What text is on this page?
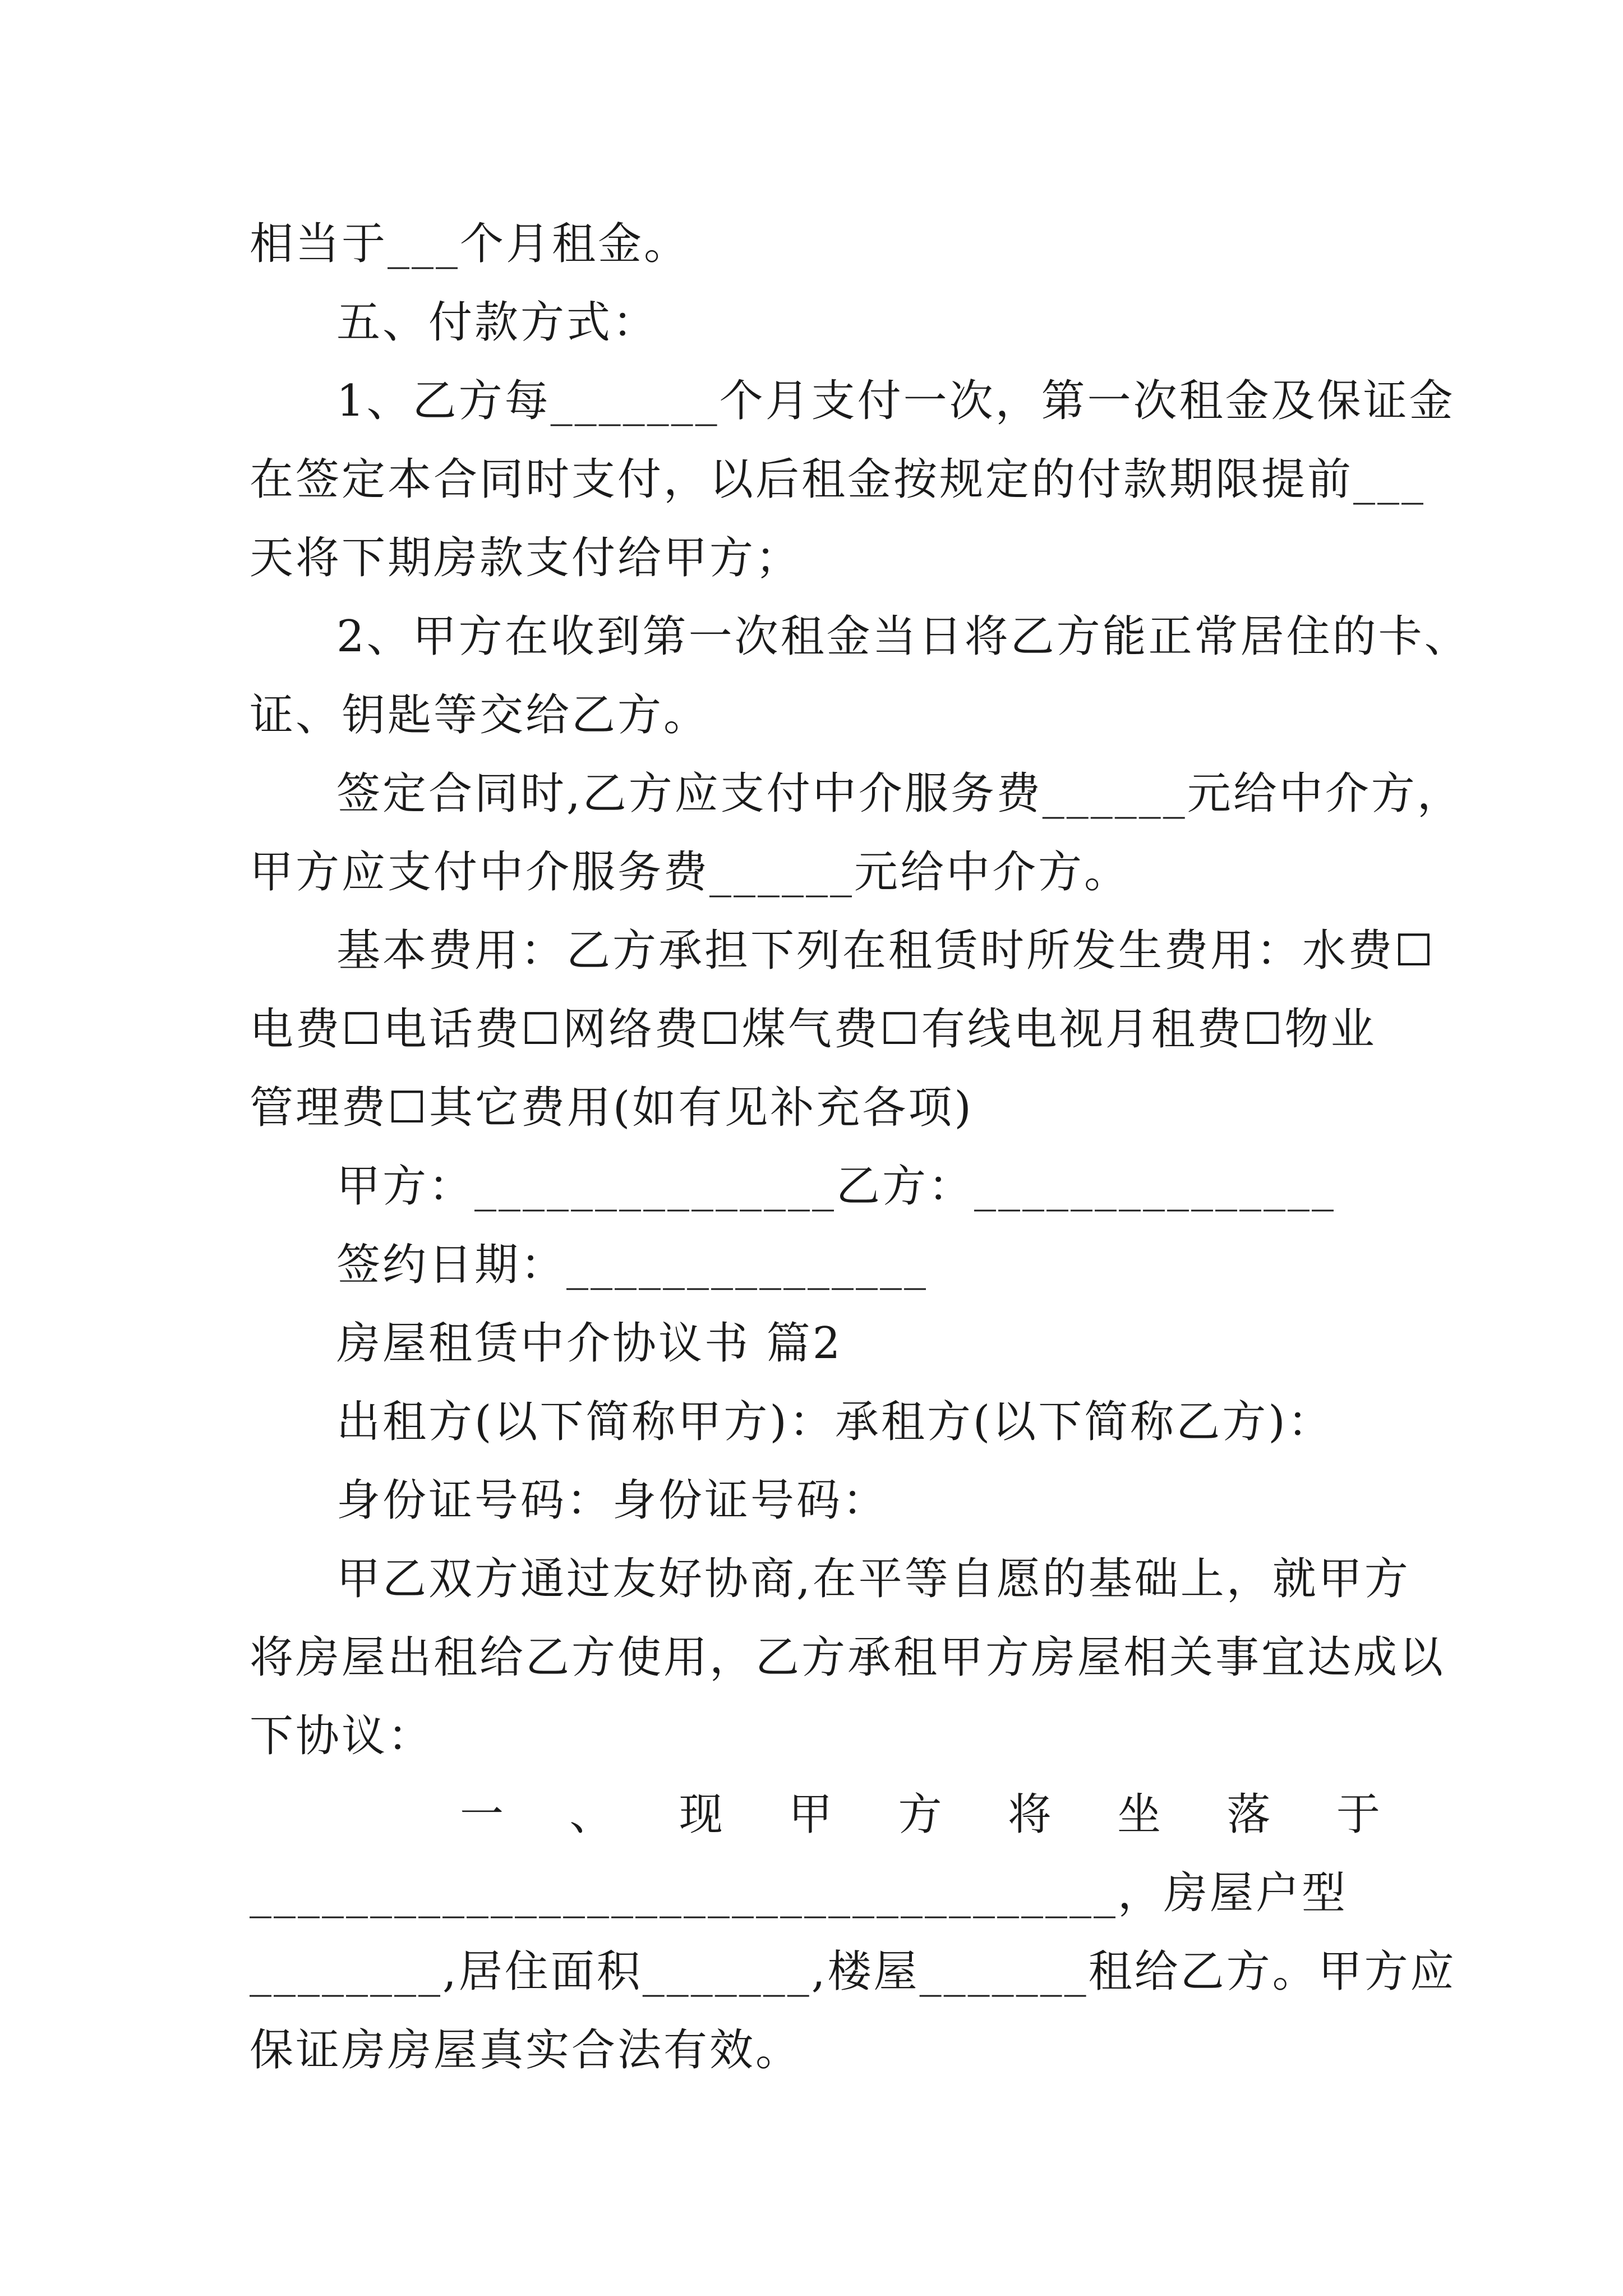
相当于___个月租金。
五、付款方式：
1、乙方每_______个月支付一次，第一次租金及保证金
在签定本合同时支付，以后租金按规定的付款期限提前___
天将下期房款支付给甲方；
2、甲方在收到第一次租金当日将乙方能正常居住的卡、
证、钥匙等交给乙方。
签定合同时,乙方应支付中介服务费______元给中介方，
甲方应支付中介服务费______元给中介方。
基本费用：乙方承担下列在租赁时所发生费用：水费☐
电费☐电话费☐网络费☐煤气费☐有线电视月租费☐物业
管理费☐其它费用(如有见补充各项)
甲方：_______________乙方：_______________
签约日期：_______________
房屋租赁中介协议书 篇2
出租方(以下简称甲方)：承租方(以下简称乙方)：
身份证号码：身份证号码：
甲乙双方通过友好协商,在平等自愿的基础上，就甲方
将房屋出租给乙方使用，乙方承租甲方房屋相关事宜达成以
下协议：
一 、 现 甲 方 将 坐 落 于
____________________________________，房屋户型
________,居住面积_______,楼屋_______租给乙方。甲方应
保证房房屋真实合法有效。
